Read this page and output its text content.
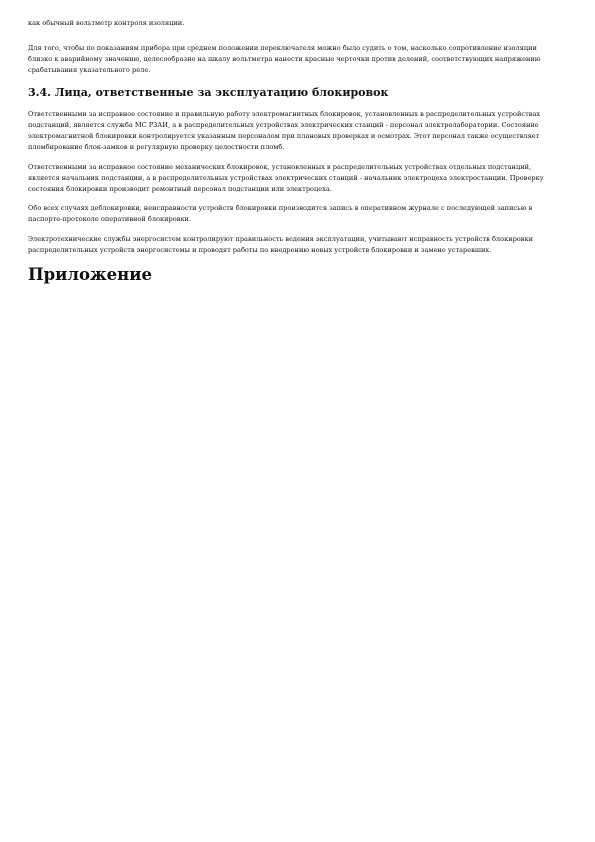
как обычный вольтметр контроля изоляции.

Для того, чтобы по показаниям прибора при среднем положении переключателя можно было судить о том, насколько сопротивление изоляции близко к аварийному значению, целесообразно на шкалу вольтметра нанести красные черточки против делений, соответствующих напряжению срабатывания указательного реле.

3.4. Лица, ответственные за эксплуатацию блокировок

Ответственными за исправное состояние и правильную работу электромагнитных блокировок, установленных в распределительных устройствах подстанций, является служба МС РЗАИ, а в распределительных устройствах электрических станций - персонал электролаборатории. Состояние электромагнитной блокировки контролируется указанным персоналом при плановых проверках и осмотрах. Этот персонал также осуществляет пломбирование блок-замков и регулярную проверку целостности пломб.

Ответственными за исправное состояние механических блокировок, установленных в распределительных устройствах отдельных подстанций, является начальник подстанции, а в распределительных устройствах электрических станций - начальник электроцеха электростанции. Проверку состояния блокировки производит ремонтный персонал подстанции или электроцеха.

Обо всех случаях деблокировки, неисправности устройств блокировки производится запись в оперативном журнале с последующей записью в паспорте-протоколе оперативной блокировки.

Электротехнические службы энергосистем контролируют правильность ведения эксплуатации, учитывают исправность устройств блокировки распределительных устройств энергосистемы и проводят работы по внедрению новых устройств блокировки и замене устаревших.

Приложение
